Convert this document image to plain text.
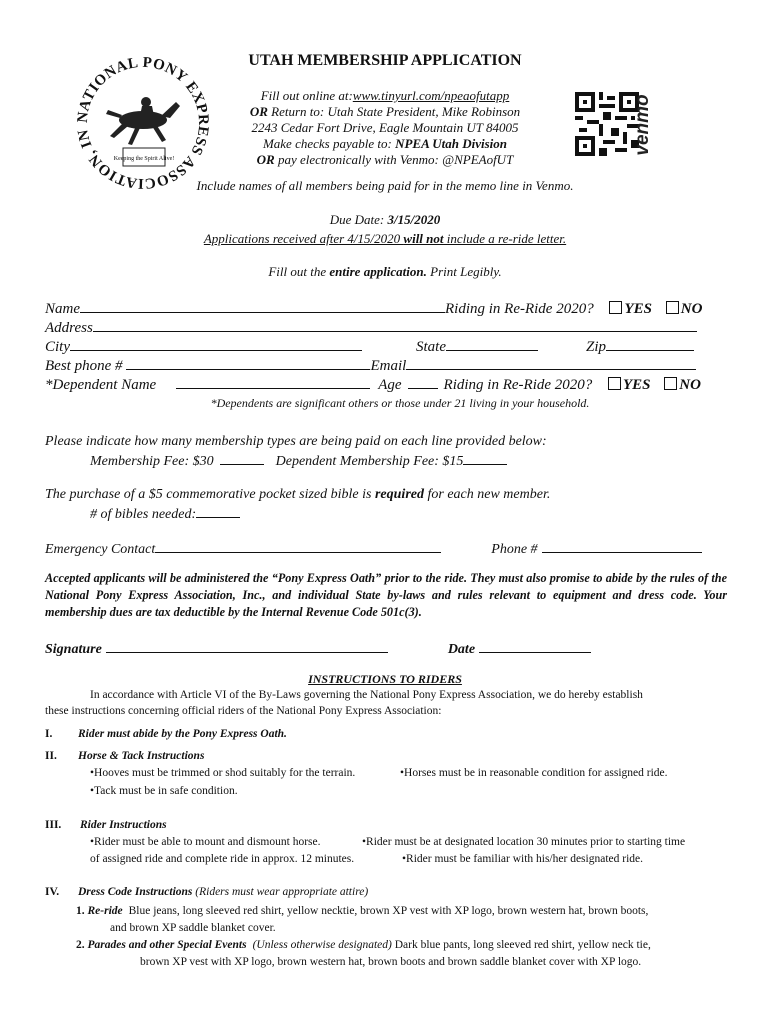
NATIONAL PONY EXPRESS ASSOCIATION, IN
Keeping the Spirit Alive!
venmo
UTAH MEMBERSHIP APPLICATION
Fill out online at:www.tinyurl.com/npeaofutapp
OR Return to: Utah State President, Mike Robinson
2243 Cedar Fort Drive, Eagle Mountain UT 84005
Make checks payable to: NPEA Utah Division
OR pay electronically with Venmo: @NPEAofUT
Include names of all members being paid for in the memo line in Venmo.
Due Date: 3/15/2020
Applications received after 4/15/2020 will not include a re-ride letter.
Fill out the entire application. Print Legibly.
Name	Riding in Re-Ride 2020? YES NO
Address
City	State	Zip
Best phone #	Email
*Dependent Name	Age	Riding in Re-Ride 2020? YES NO
*Dependents are significant others or those under 21 living in your household.
Please indicate how many membership types are being paid on each line provided below:
Membership Fee: $30	Dependent Membership Fee: $15
The purchase of a $5 commemorative pocket sized bible is required for each new member.
# of bibles needed:
Emergency Contact	Phone #
Accepted applicants will be administered the “Pony Express Oath” prior to the ride. They must also promise to abide by the rules of the National Pony Express Association, Inc., and individual State by-laws and rules relevant to equipment and dress code. Your membership dues are tax deductible by the Internal Revenue Code 501c(3).
Signature	Date
INSTRUCTIONS TO RIDERS
In accordance with Article VI of the By-Laws governing the National Pony Express Association, we do hereby establish
these instructions concerning official riders of the National Pony Express Association:
I. Rider must abide by the Pony Express Oath.
II. Horse & Tack Instructions
•Hooves must be trimmed or shod suitably for the terrain.	•Horses must be in reasonable condition for assigned ride.
•Tack must be in safe condition.
III. Rider Instructions
•Rider must be able to mount and dismount horse.	•Rider must be at designated location 30 minutes prior to starting time
of assigned ride and complete ride in approx. 12 minutes.	•Rider must be familiar with his/her designated ride.
IV. Dress Code Instructions (Riders must wear appropriate attire)
1. Re-ride Blue jeans, long sleeved red shirt, yellow necktie, brown XP vest with XP logo, brown western hat, brown boots,
and brown XP saddle blanket cover.
2. Parades and other Special Events (Unless otherwise designated) Dark blue pants, long sleeved red shirt, yellow neck tie,
brown XP vest with XP logo, brown western hat, brown boots and brown saddle blanket cover with XP logo.
